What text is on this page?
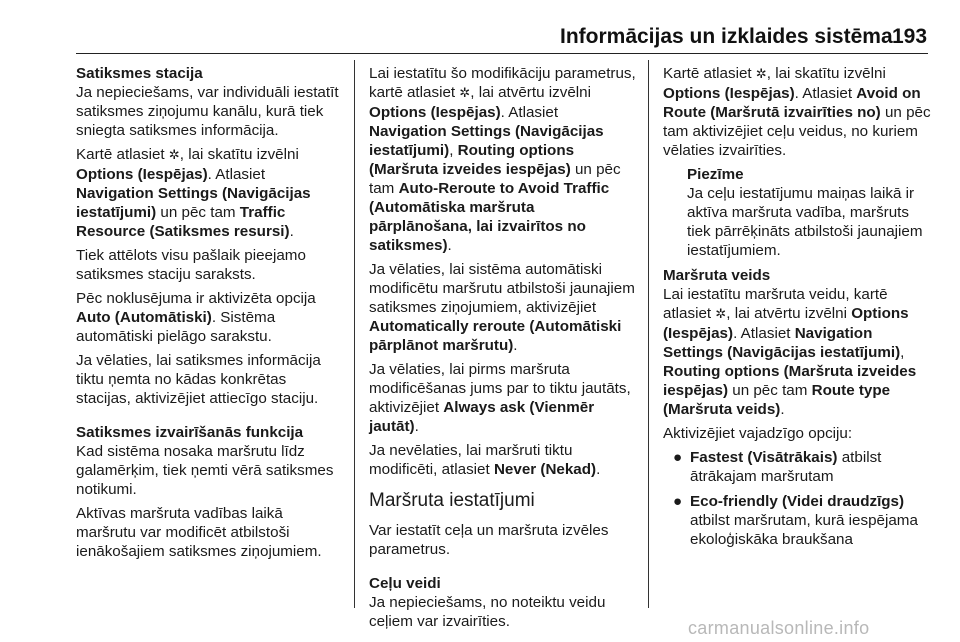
Informācijas un izklaides sistēma 193

Satiksmes stacija

Ja nepieciešams, var individuāli iestatīt satiksmes ziņojumu kanālu, kurā tiek sniegta satiksmes informācija.

Kartē atlasiet ✲, lai skatītu izvēlni Options (Iespējas). Atlasiet Navigation Settings (Navigācijas iestatījumi) un pēc tam Traffic Resource (Satiksmes resursi).

Tiek attēlots visu pašlaik pieejamo satiksmes staciju saraksts.

Pēc noklusējuma ir aktivizēta opcija Auto (Automātiski). Sistēma automātiski pielāgo sarakstu.

Ja vēlaties, lai satiksmes informācija tiktu ņemta no kādas konkrētas stacijas, aktivizējiet attiecīgo staciju.

Satiksmes izvairīšanās funkcija

Kad sistēma nosaka maršrutu līdz galamērķim, tiek ņemti vērā satiksmes notikumi.

Aktīvas maršruta vadības laikā maršrutu var modificēt atbilstoši ienākošajiem satiksmes ziņojumiem.

Lai iestatītu šo modifikāciju parametrus, kartē atlasiet ✲, lai atvērtu izvēlni Options (Iespējas). Atlasiet Navigation Settings (Navigācijas iestatījumi), Routing options (Maršruta izveides iespējas) un pēc tam Auto-Reroute to Avoid Traffic (Automātiska maršruta pārplānošana, lai izvairītos no satiksmes).

Ja vēlaties, lai sistēma automātiski modificētu maršrutu atbilstoši jaunajiem satiksmes ziņojumiem, aktivizējiet Automatically reroute (Automātiski pārplānot maršrutu).

Ja vēlaties, lai pirms maršruta modificēšanas jums par to tiktu jautāts, aktivizējiet Always ask (Vienmēr jautāt).

Ja nevēlaties, lai maršruti tiktu modificēti, atlasiet Never (Nekad).

Maršruta iestatījumi

Var iestatīt ceļa un maršruta izvēles parametrus.

Ceļu veidi

Ja nepieciešams, no noteiktu veidu ceļiem var izvairīties.

Kartē atlasiet ✲, lai skatītu izvēlni Options (Iespējas). Atlasiet Avoid on Route (Maršrutā izvairīties no) un pēc tam aktivizējiet ceļu veidus, no kuriem vēlaties izvairīties.

Piezīme
Ja ceļu iestatījumu maiņas laikā ir aktīva maršruta vadība, maršruts tiek pārrēķināts atbilstoši jaunajiem iestatījumiem.

Maršruta veids

Lai iestatītu maršruta veidu, kartē atlasiet ✲, lai atvērtu izvēlni Options (Iespējas). Atlasiet Navigation Settings (Navigācijas iestatījumi), Routing options (Maršruta izveides iespējas) un pēc tam Route type (Maršruta veids).

Aktivizējiet vajadzīgo opciju:

● Fastest (Visātrākais) atbilst ātrākajam maršrutam
● Eco-friendly (Videi draudzīgs) atbilst maršrutam, kurā iespējama ekoloģiskāka braukšana
carmanualsonline.info
